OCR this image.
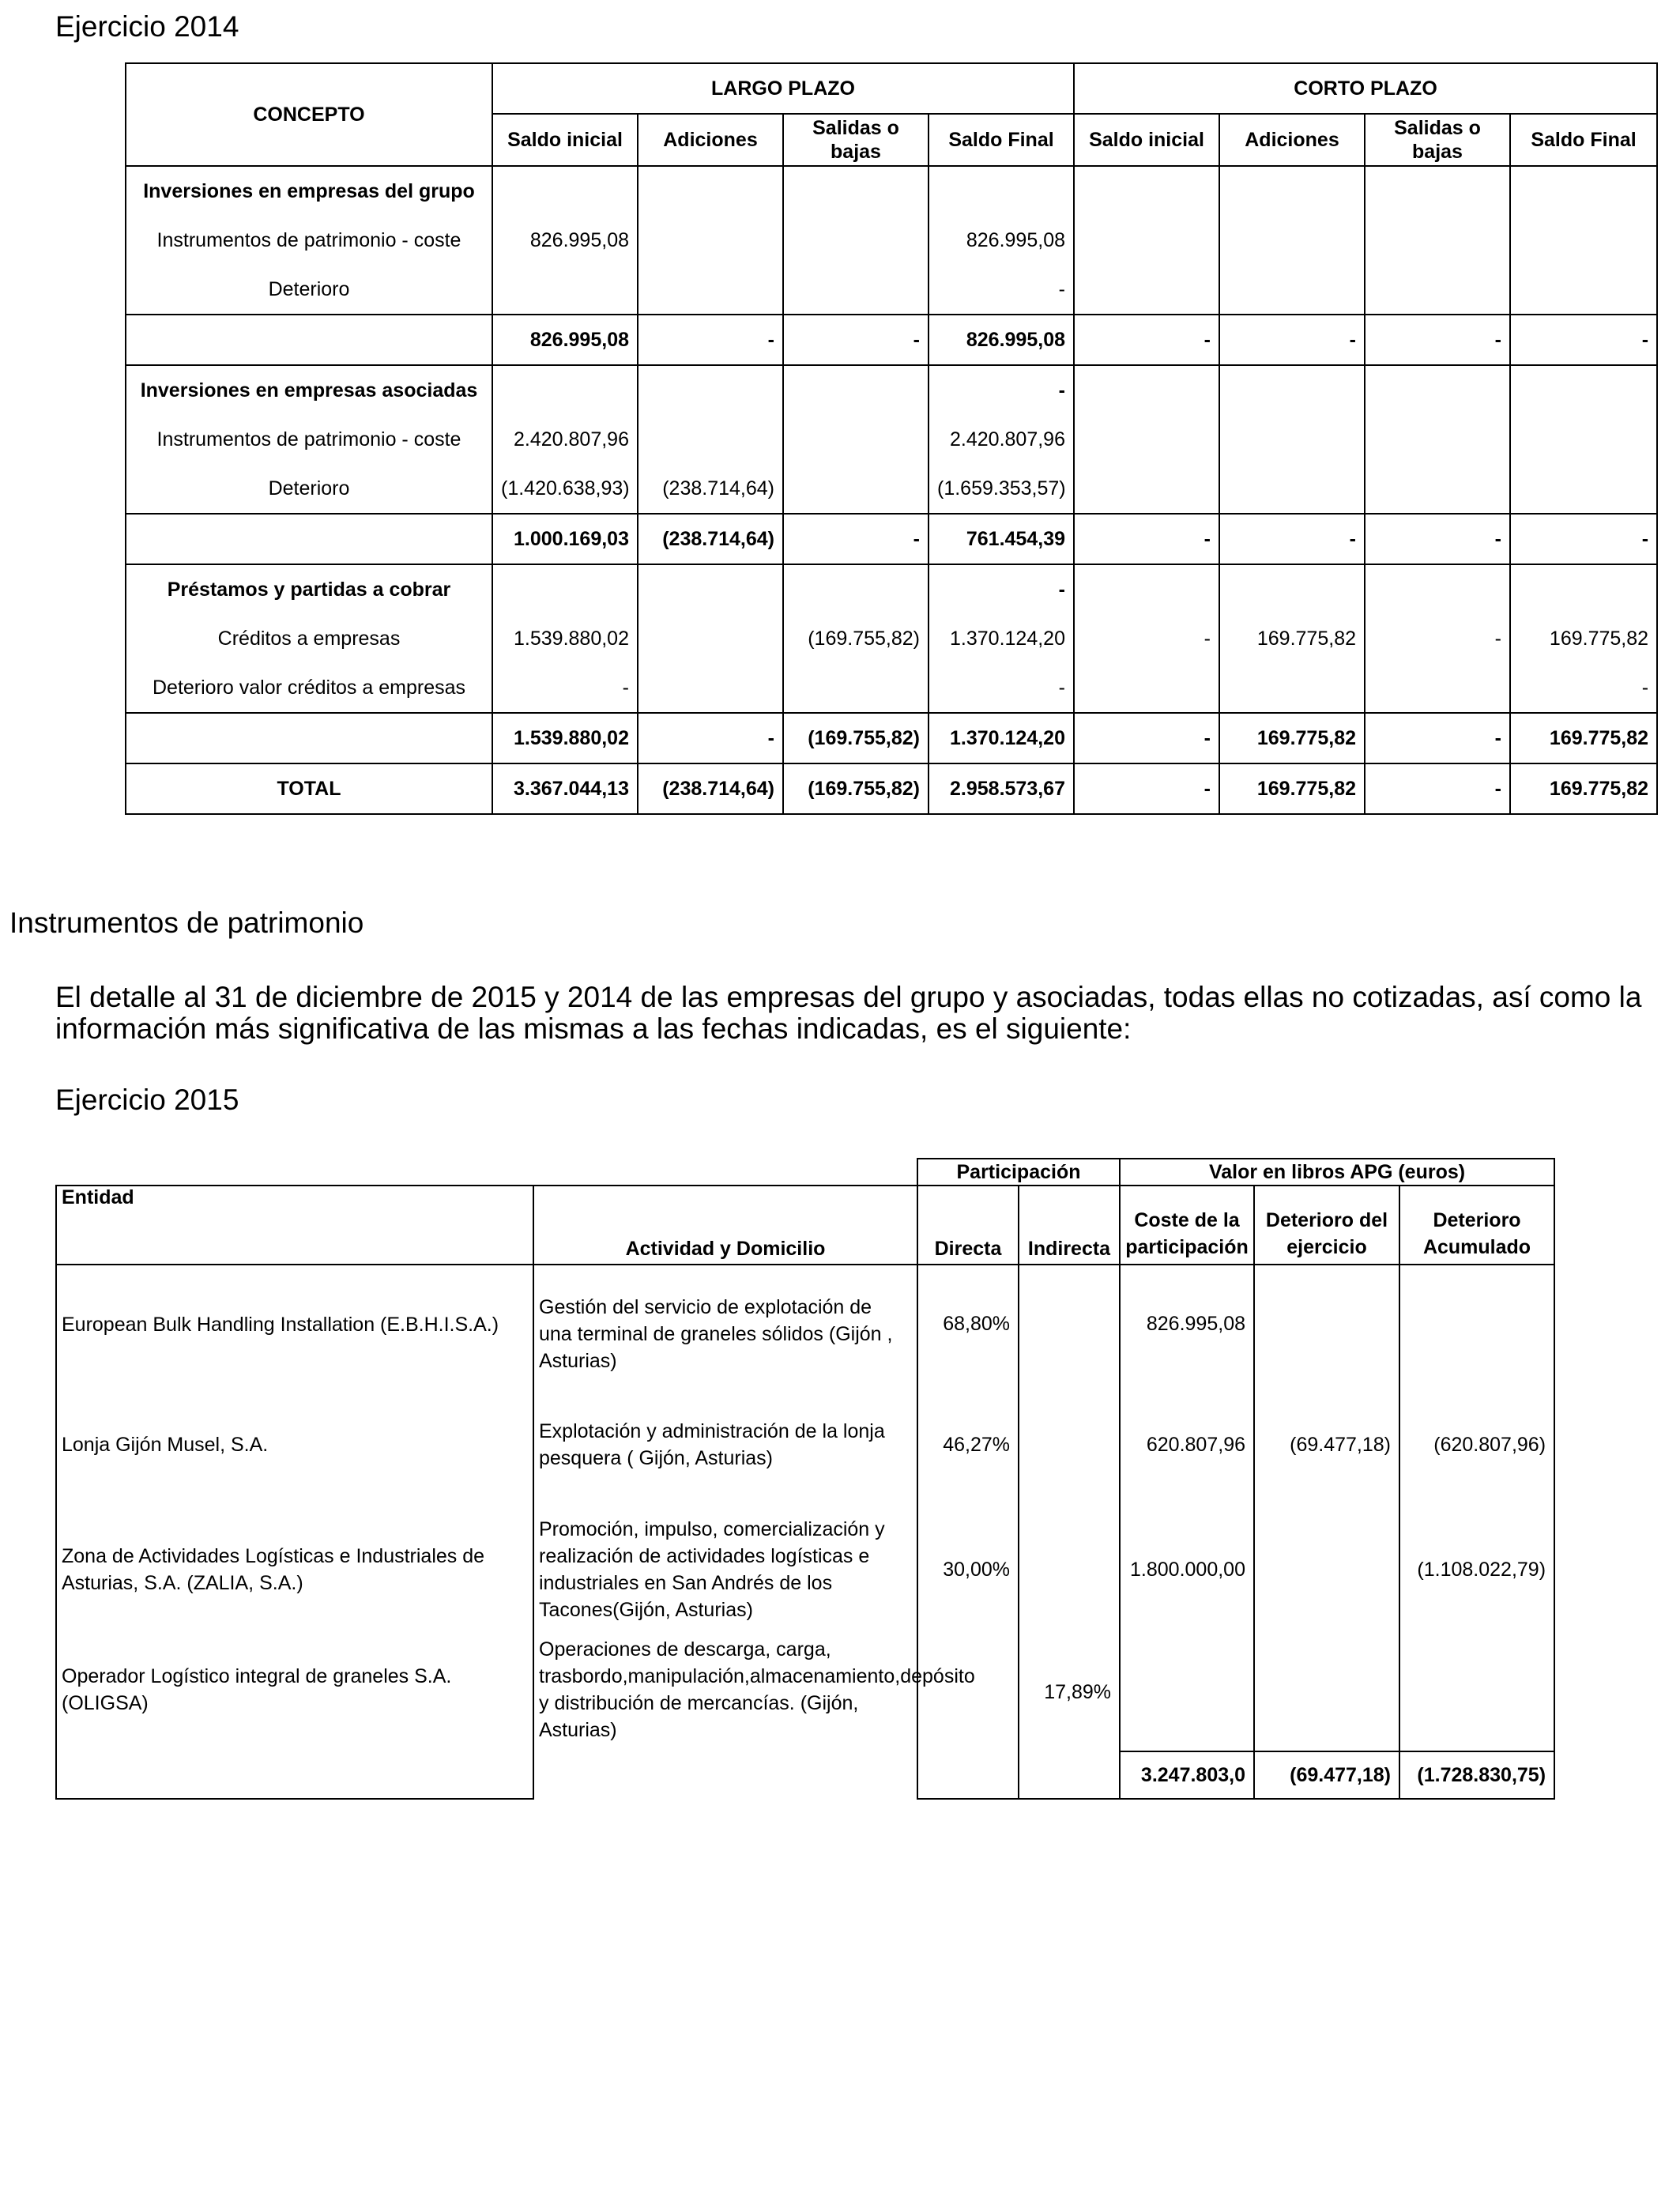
Ejercicio 2014
CONCEPTO	LARGO PLAZO				CORTO PLAZO			
	Saldo inicial	Adiciones	Salidas o bajas	Saldo Final	Saldo inicial	Adiciones	Salidas o bajas	Saldo Final
Inversiones en empresas del grupo								
Instrumentos de patrimonio - coste	826.995,08			826.995,08				
Deterioro				-				
	826.995,08	-	-	826.995,08	-	-	-	-
Inversiones en empresas asociadas				-				
Instrumentos de patrimonio - coste	2.420.807,96			2.420.807,96				
Deterioro	(1.420.638,93)	(238.714,64)		(1.659.353,57)				
	1.000.169,03	(238.714,64)	-	761.454,39	-	-	-	-
Préstamos y partidas a cobrar				-				
Créditos a empresas	1.539.880,02		(169.755,82)	1.370.124,20	-	169.775,82	-	169.775,82
Deterioro valor créditos a empresas	-			-				-
	1.539.880,02	-	(169.755,82)	1.370.124,20	-	169.775,82	-	169.775,82
TOTAL	3.367.044,13	(238.714,64)	(169.755,82)	2.958.573,67	-	169.775,82	-	169.775,82
Instrumentos de patrimonio
El detalle al 31 de diciembre de 2015 y 2014 de las empresas del grupo y asociadas, todas ellas no cotizadas, así como la información más significativa de las mismas a las fechas indicadas, es el siguiente:
Ejercicio 2015
		Participación		Valor en libros APG (euros)		
Entidad	Actividad y Domicilio	Directa	Indirecta	Coste de la participación	Deterioro del ejercicio	Deterioro Acumulado
European Bulk Handling Installation (E.B.H.I.S.A.)	Gestión del servicio de explotación de una terminal de graneles sólidos (Gijón , Asturias)	68,80%		826.995,08		
Lonja Gijón Musel, S.A.	Explotación y administración de la lonja pesquera ( Gijón, Asturias)	46,27%		620.807,96	(69.477,18)	(620.807,96)
Zona de Actividades Logísticas e Industriales de Asturias, S.A. (ZALIA, S.A.)	Promoción, impulso, comercialización y realización de actividades logísticas e industriales en San Andrés de los Tacones(Gijón, Asturias)	30,00%		1.800.000,00		(1.108.022,79)
Operador Logístico integral de graneles S.A. (OLIGSA)	Operaciones de descarga, carga, trasbordo,manipulación,almacenamiento,depósito y distribución de mercancías. (Gijón, Asturias)		17,89%			
				3.247.803,0	(69.477,18)	(1.728.830,75)
